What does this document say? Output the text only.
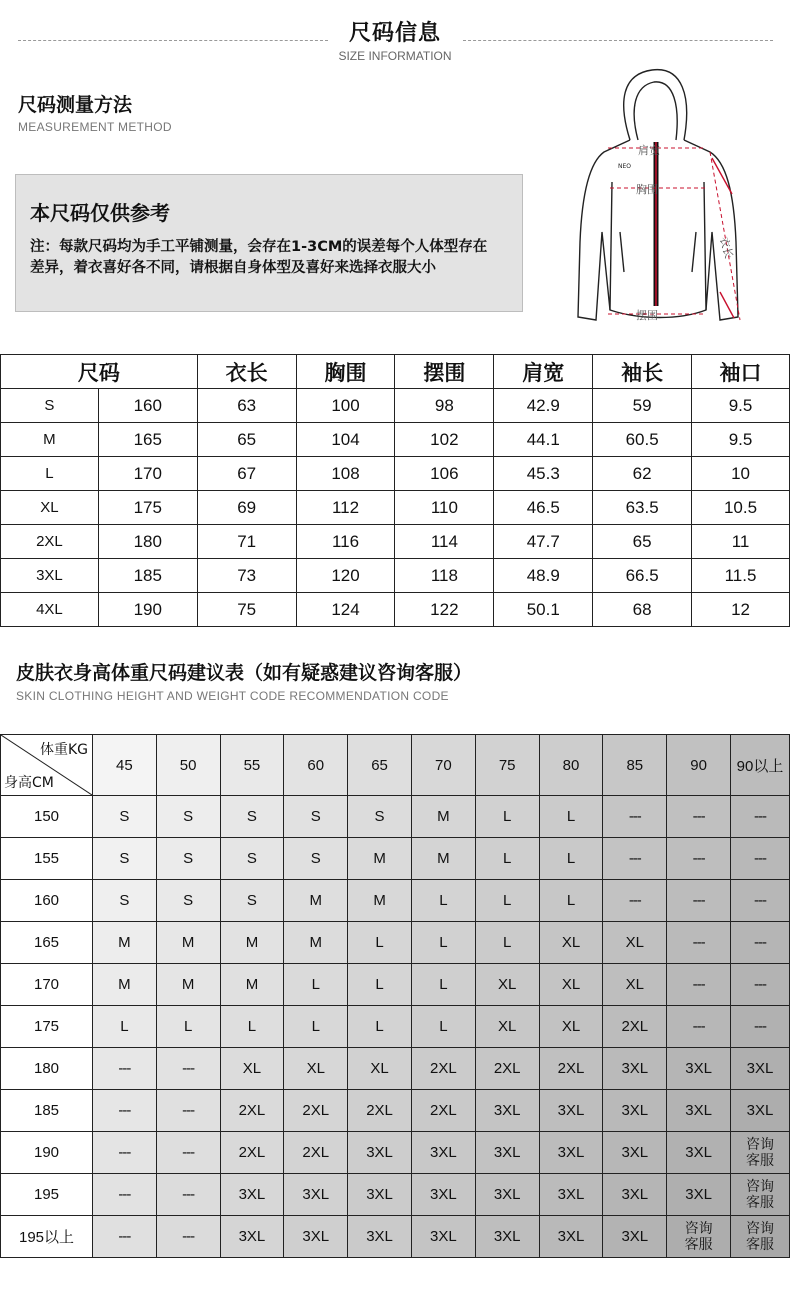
尺码信息
SIZE INFORMATION
尺码测量方法
MEASUREMENT METHOD
本尺码仅供参考
注：每款尺码均为手工平铺测量，会存在1-3CM的误差每个人体型存在差异，着衣喜好各不同，请根据自身体型及喜好来选择衣服大小
肩宽
胸围
衣长
摆围
NEO
尺码		衣长	胸围	摆围	肩宽	袖长	袖口
S	160	63	100	98	42.9	59	9.5
M	165	65	104	102	44.1	60.5	9.5
L	170	67	108	106	45.3	62	10
XL	175	69	112	110	46.5	63.5	10.5
2XL	180	71	116	114	47.7	65	11
3XL	185	73	120	118	48.9	66.5	11.5
4XL	190	75	124	122	50.1	68	12
皮肤衣身高体重尺码建议表（如有疑惑建议咨询客服）
SKIN CLOTHING HEIGHT AND WEIGHT CODE RECOMMENDATION CODE
体重KG
身高CM	45	50	55	60	65	70	75	80	85	90	90以上
150	S	S	S	S	S	M	L	L	---	---	---
155	S	S	S	S	M	M	L	L	---	---	---
160	S	S	S	M	M	L	L	L	---	---	---
165	M	M	M	M	L	L	L	XL	XL	---	---
170	M	M	M	L	L	L	XL	XL	XL	---	---
175	L	L	L	L	L	L	XL	XL	2XL	---	---
180	---	---	XL	XL	XL	2XL	2XL	2XL	3XL	3XL	3XL
185	---	---	2XL	2XL	2XL	2XL	3XL	3XL	3XL	3XL	3XL
190	---	---	2XL	2XL	3XL	3XL	3XL	3XL	3XL	3XL	咨询
客服
195	---	---	3XL	3XL	3XL	3XL	3XL	3XL	3XL	3XL	咨询
客服
195以上	---	---	3XL	3XL	3XL	3XL	3XL	3XL	3XL	咨询
客服	咨询
客服
